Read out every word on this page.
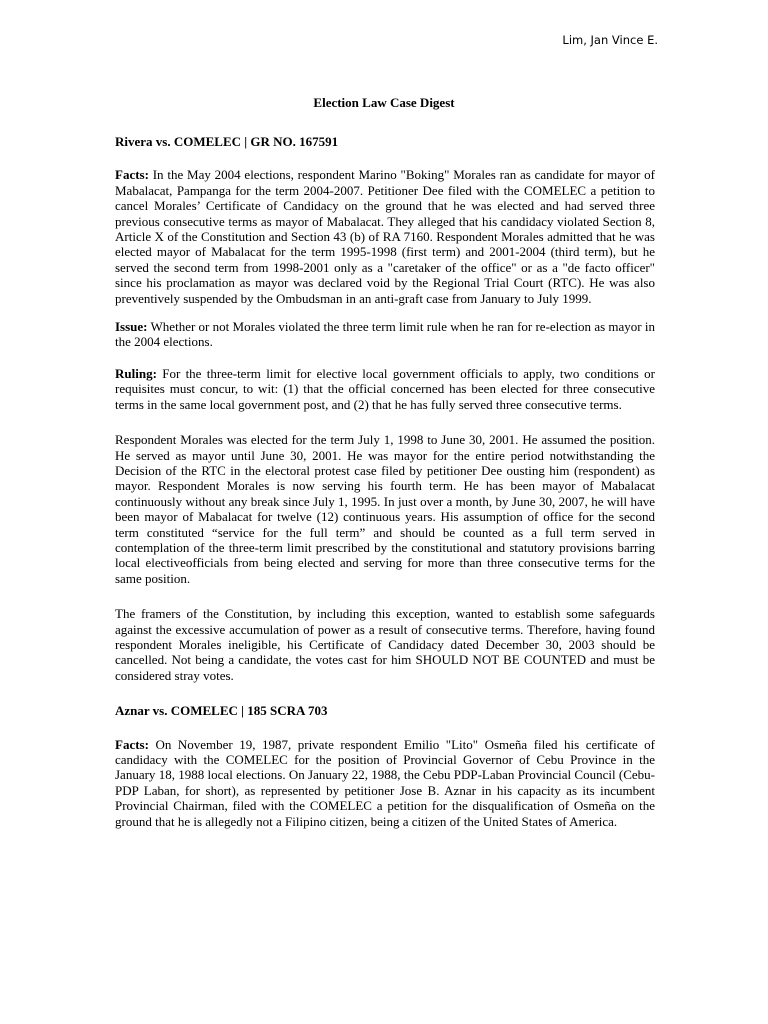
Lim, Jan Vince E.
Election Law Case Digest

Rivera vs. COMELEC | GR NO. 167591

Facts: In the May 2004 elections, respondent Marino "Boking" Morales ran as candidate for mayor of Mabalacat, Pampanga for the term 2004-2007. Petitioner Dee filed with the COMELEC a petition to cancel Morales’ Certificate of Candidacy on the ground that he was elected and had served three previous consecutive terms as mayor of Mabalacat. They alleged that his candidacy violated Section 8, Article X of the Constitution and Section 43 (b) of RA 7160. Respondent Morales admitted that he was elected mayor of Mabalacat for the term 1995-1998 (first term) and 2001-2004 (third term), but he served the second term from 1998-2001 only as a "caretaker of the office" or as a "de facto officer" since his proclamation as mayor was declared void by the Regional Trial Court (RTC). He was also preventively suspended by the Ombudsman in an anti-graft case from January to July 1999.

Issue: Whether or not Morales violated the three term limit rule when he ran for re-election as mayor in the 2004 elections.

Ruling: For the three-term limit for elective local government officials to apply, two conditions or requisites must concur, to wit: (1) that the official concerned has been elected for three consecutive terms in the same local government post, and (2) that he has fully served three consecutive terms.

Respondent Morales was elected for the term July 1, 1998 to June 30, 2001. He assumed the position. He served as mayor until June 30, 2001. He was mayor for the entire period notwithstanding the Decision of the RTC in the electoral protest case filed by petitioner Dee ousting him (respondent) as mayor. Respondent Morales is now serving his fourth term. He has been mayor of Mabalacat continuously without any break since July 1, 1995. In just over a month, by June 30, 2007, he will have been mayor of Mabalacat for twelve (12) continuous years. His assumption of office for the second term constituted “service for the full term” and should be counted as a full term served in contemplation of the three-term limit prescribed by the constitutional and statutory provisions barring local electiveofficials from being elected and serving for more than three consecutive terms for the same position.

The framers of the Constitution, by including this exception, wanted to establish some safeguards against the excessive accumulation of power as a result of consecutive terms. Therefore, having found respondent Morales ineligible, his Certificate of Candidacy dated December 30, 2003 should be cancelled. Not being a candidate, the votes cast for him SHOULD NOT BE COUNTED and must be considered stray votes.

Aznar vs. COMELEC | 185 SCRA 703

Facts: On November 19, 1987, private respondent Emilio "Lito" Osmeña filed his certificate of candidacy with the COMELEC for the position of Provincial Governor of Cebu Province in the January 18, 1988 local elections. On January 22, 1988, the Cebu PDP-Laban Provincial Council (Cebu-PDP Laban, for short), as represented by petitioner Jose B. Aznar in his capacity as its incumbent Provincial Chairman, filed with the COMELEC a petition for the disqualification of Osmeña on the ground that he is allegedly not a Filipino citizen, being a citizen of the United States of America.
